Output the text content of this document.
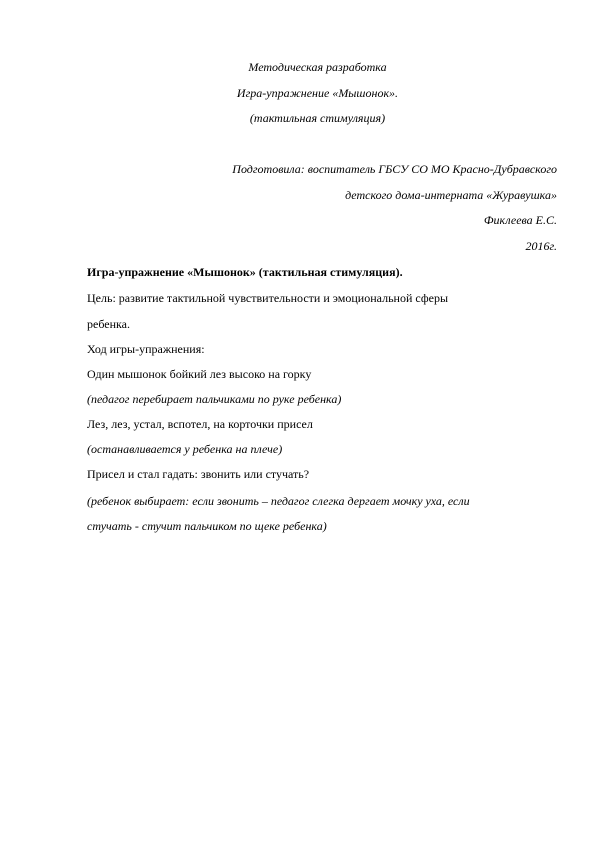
Методическая разработка
Игра-упражнение «Мышонок».
(тактильная стимуляция)
Подготовила: воспитатель ГБСУ СО МО Красно-Дубравского
детского дома-интерната «Журавушка»
Фиклеева Е.С.
2016г.
Игра-упражнение «Мышонок» (тактильная стимуляция).
Цель: развитие тактильной чувствительности и эмоциональной сферы
ребенка.
Ход игры-упражнения:
Один мышонок бойкий лез высоко на горку
(педагог перебирает пальчиками по руке ребенка)
Лез, лез, устал, вспотел, на корточки присел
(останавливается у ребенка на плече)
Присел и стал гадать: звонить или стучать?
(ребенок выбирает: если звонить – педагог слегка дергает мочку уха, если
стучать - стучит пальчиком по щеке ребенка)
